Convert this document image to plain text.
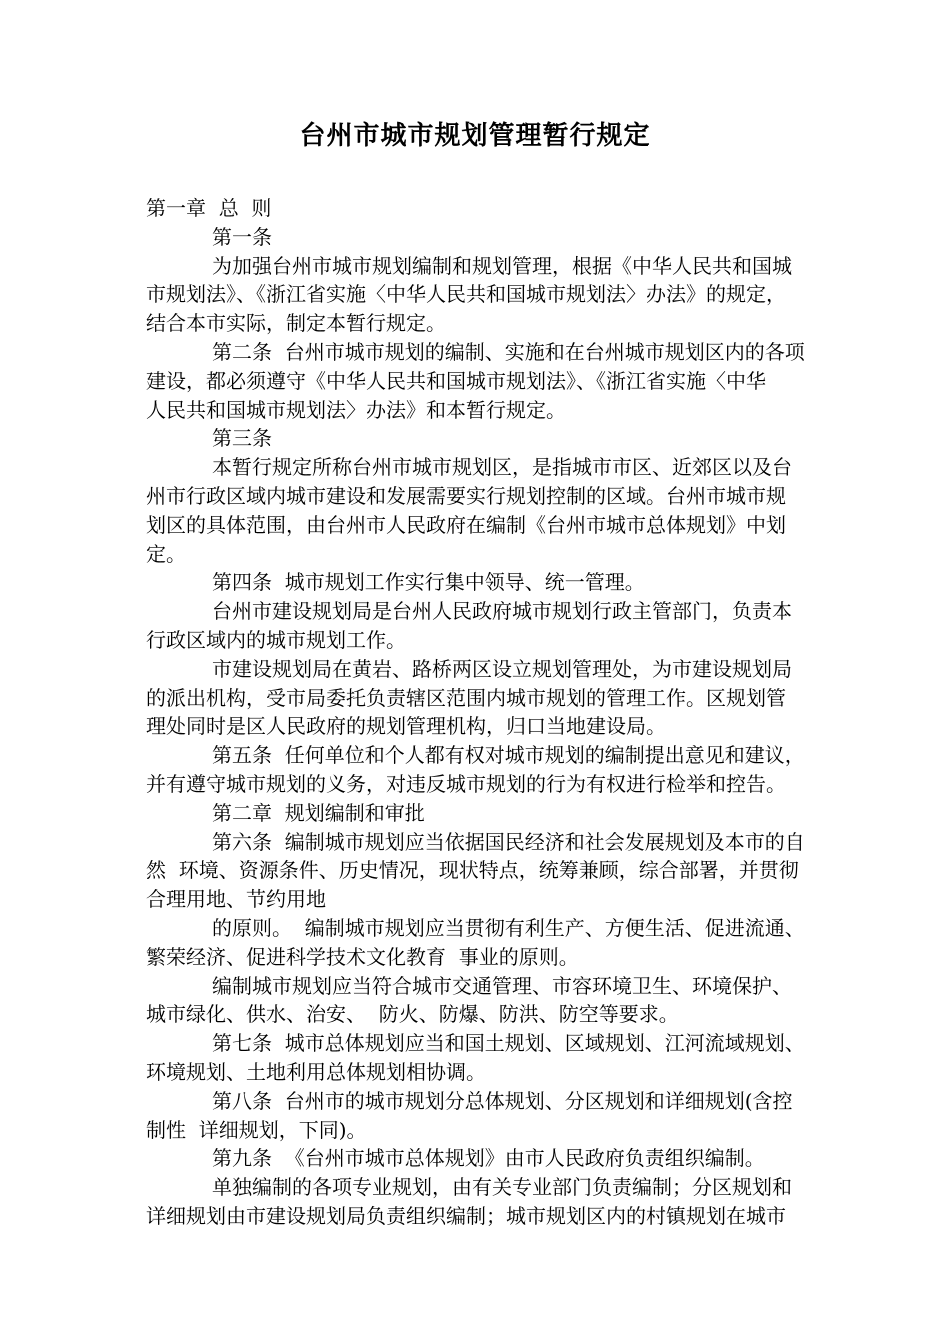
台州市城市规划管理暂行规定
第一章  总  则
第一条
为加强台州市城市规划编制和规划管理，根据《中华人民共和国城
市规划法》、《浙江省实施〈中华人民共和国城市规划法〉办法》的规定，
结合本市实际，制定本暂行规定。
第二条  台州市城市规划的编制、实施和在台州城市规划区内的各项
建设，都必须遵守《中华人民共和国城市规划法》、《浙江省实施〈中华
人民共和国城市规划法〉办法》和本暂行规定。
第三条
本暂行规定所称台州市城市规划区，是指城市市区、近郊区以及台
州市行政区域内城市建设和发展需要实行规划控制的区域。台州市城市规
划区的具体范围，由台州市人民政府在编制《台州市城市总体规划》中划
定。
第四条  城市规划工作实行集中领导、统一管理。
台州市建设规划局是台州人民政府城市规划行政主管部门，负责本
行政区域内的城市规划工作。
市建设规划局在黄岩、路桥两区设立规划管理处，为市建设规划局
的派出机构，受市局委托负责辖区范围内城市规划的管理工作。区规划管
理处同时是区人民政府的规划管理机构，归口当地建设局。
第五条  任何单位和个人都有权对城市规划的编制提出意见和建议，
并有遵守城市规划的义务，对违反城市规划的行为有权进行检举和控告。
第二章  规划编制和审批
第六条  编制城市规划应当依据国民经济和社会发展规划及本市的自
然  环境、资源条件、历史情况，现状特点，统筹兼顾，综合部署，并贯彻
合理用地、节约用地
的原则。  编制城市规划应当贯彻有利生产、方便生活、促进流通、
繁荣经济、促进科学技术文化教育  事业的原则。
编制城市规划应当符合城市交通管理、市容环境卫生、环境保护、
城市绿化、供水、治安、  防火、防爆、防洪、防空等要求。
第七条  城市总体规划应当和国土规划、区域规划、江河流域规划、
环境规划、土地利用总体规划相协调。
第八条  台州市的城市规划分总体规划、分区规划和详细规划(含控
制性  详细规划，下同)。
第九条  《台州市城市总体规划》由市人民政府负责组织编制。
单独编制的各项专业规划，由有关专业部门负责编制；分区规划和
详细规划由市建设规划局负责组织编制；城市规划区内的村镇规划在城市
